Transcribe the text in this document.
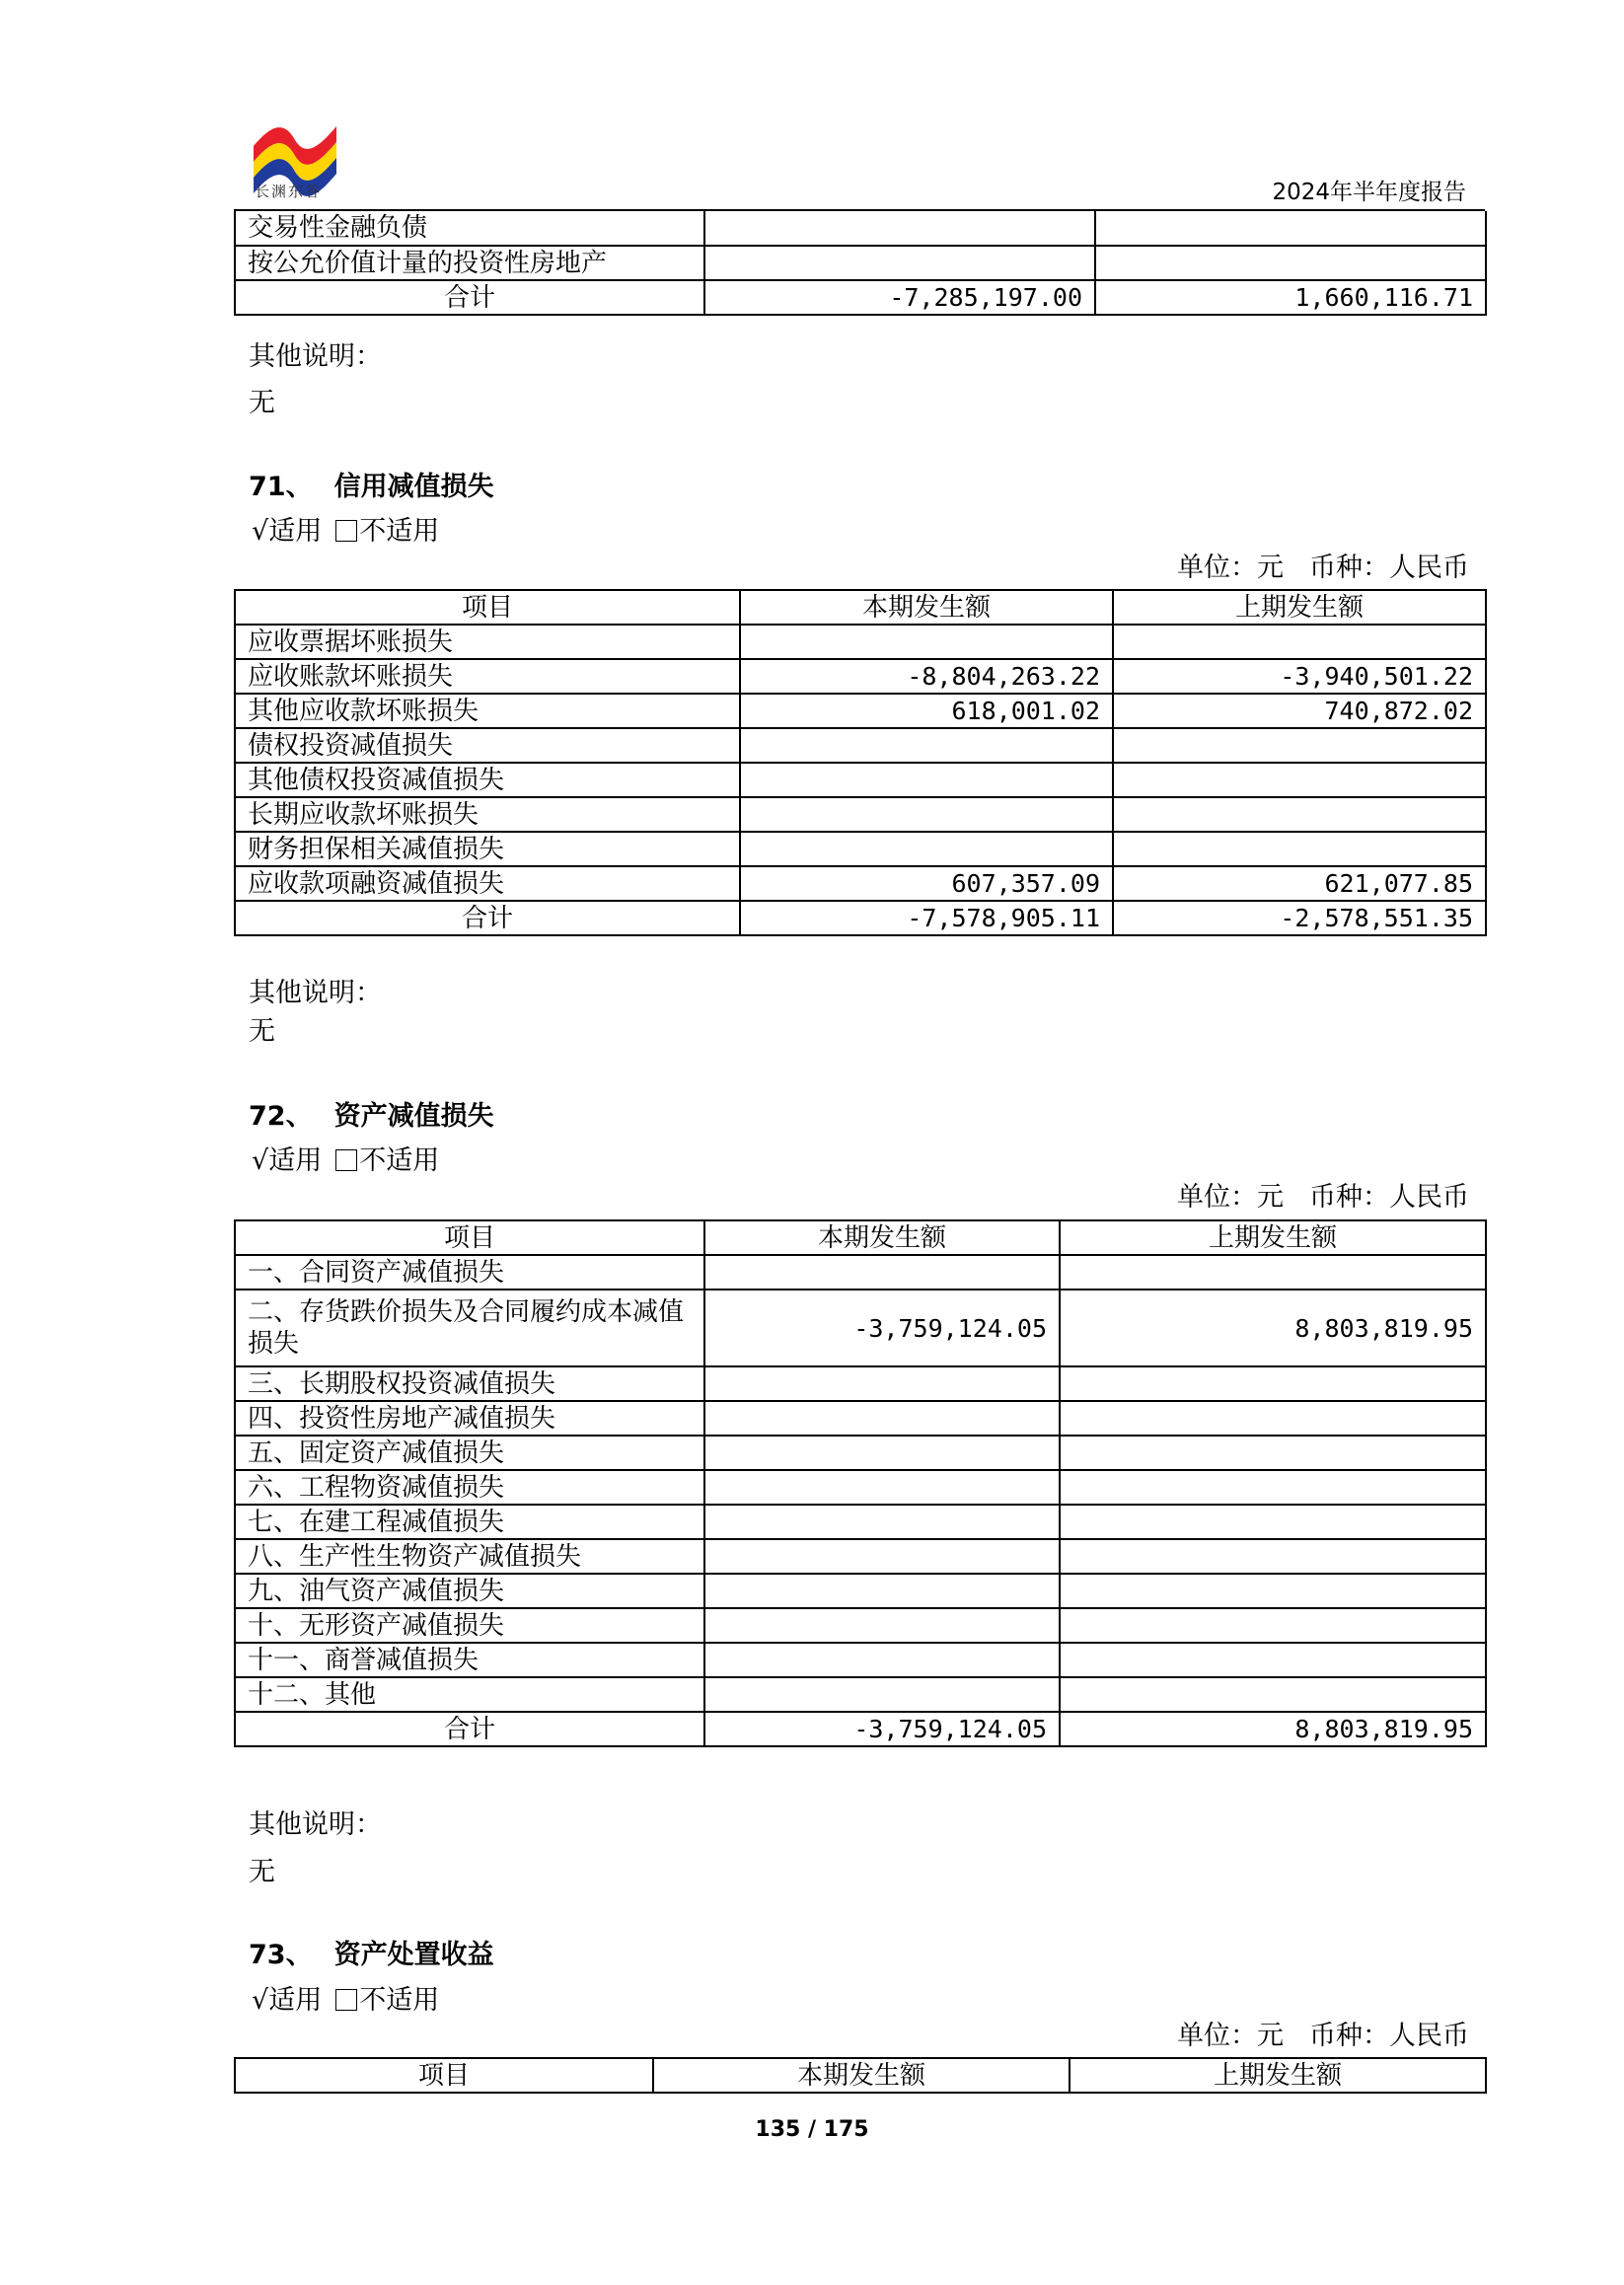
长渊东谷	2024年半年度报告
交易性金融负债		
按公允价值计量的投资性房地产		
合计	-7,285,197.00	1,660,116.71
其他说明：
无
71、 信用减值损失
√适用 不适用
单位：元 币种：人民币
项目	本期发生额	上期发生额
应收票据坏账损失		
应收账款坏账损失	-8,804,263.22	-3,940,501.22
其他应收款坏账损失	618,001.02	740,872.02
债权投资减值损失		
其他债权投资减值损失		
长期应收款坏账损失		
财务担保相关减值损失		
应收款项融资减值损失	607,357.09	621,077.85
合计	-7,578,905.11	-2,578,551.35
其他说明：
无
72、 资产减值损失
√适用 不适用
单位：元 币种：人民币
项目	本期发生额	上期发生额
一、合同资产减值损失		
二、存货跌价损失及合同履约成本减值损失	-3,759,124.05	8,803,819.95
三、长期股权投资减值损失		
四、投资性房地产减值损失		
五、固定资产减值损失		
六、工程物资减值损失		
七、在建工程减值损失		
八、生产性生物资产减值损失		
九、油气资产减值损失		
十、无形资产减值损失		
十一、商誉减值损失		
十二、其他		
合计	-3,759,124.05	8,803,819.95
其他说明：
无
73、 资产处置收益
√适用 不适用
单位：元 币种：人民币
项目	本期发生额	上期发生额
135 / 175
